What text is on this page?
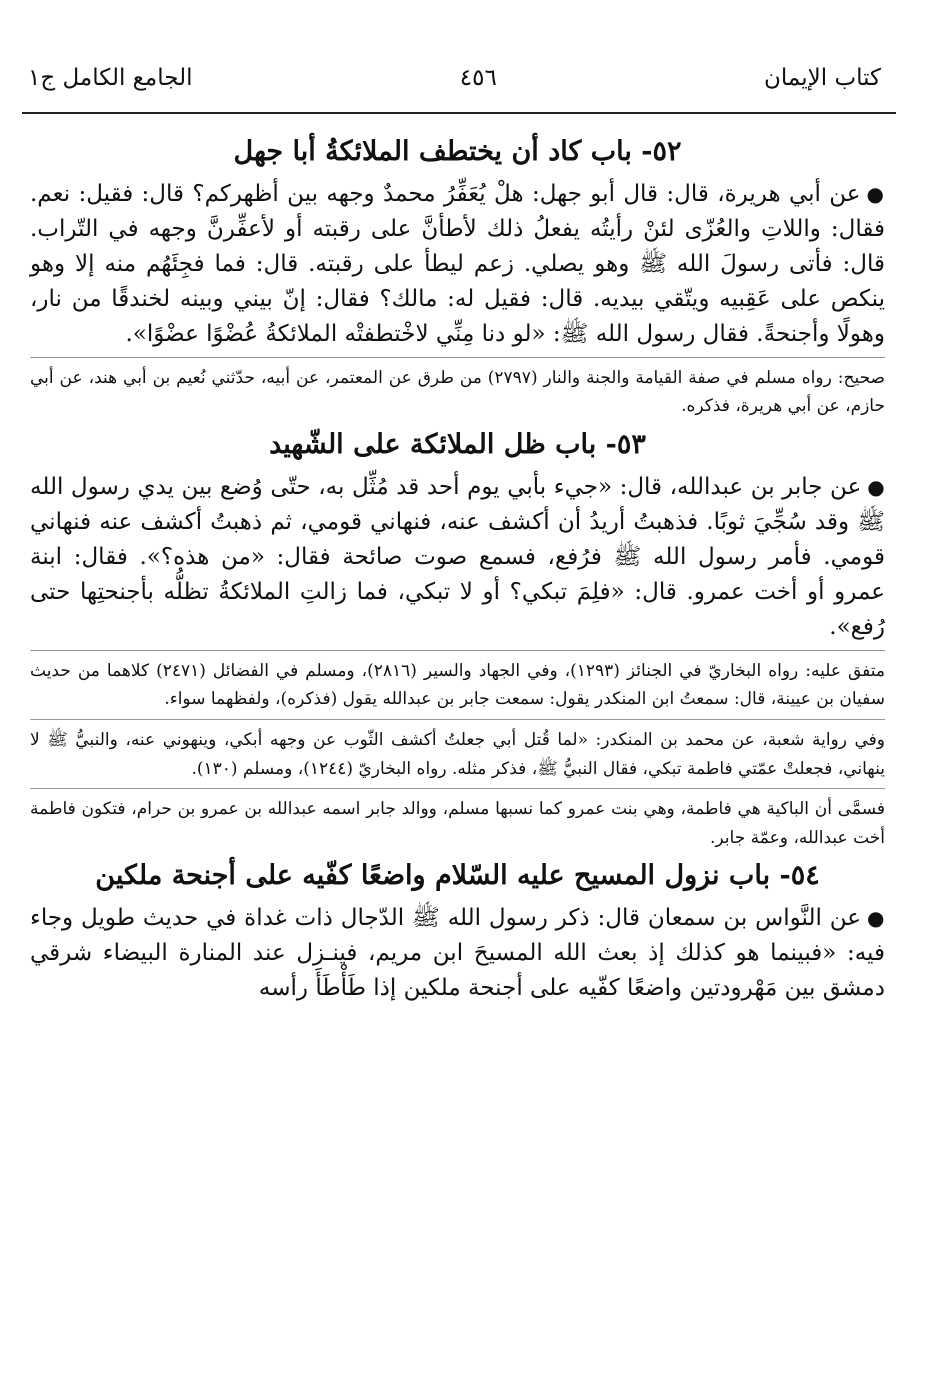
كتاب الإيمان
٤٥٦
الجامع الكامل ج١
٥٢- باب كاد أن يختطف الملائكةُ أبا جهل

●عن أبي هريرة، قال: قال أبو جهل: هلْ يُعَفِّرُ محمدٌ وجهه بين أظهركم؟ قال: فقيل: نعم. فقال: واللاتِ والعُزّى لئنْ رأيتُه يفعلُ ذلك لأطأنَّ على رقبته أو لأعفِّرنَّ وجهه في التّراب. قال: فأتى رسولَ الله ﷺ وهو يصلي. زعم ليطأ على رقبته. قال: فما فجِئَهُم منه إلا وهو ينكص على عَقِبيه ويتّقي بيديه. قال: فقيل له: مالك؟ فقال: إنّ بيني وبينه لخندقًا من نار، وهولًا وأجنحةً. فقال رسول الله ﷺ: «لو دنا مِنِّي لاخْتطفتْه الملائكةُ عُضْوًا عضْوًا».

صحيح: رواه مسلم في صفة القيامة والجنة والنار (٢٧٩٧) من طرق عن المعتمر، عن أبيه، حدّثني نُعيم بن أبي هند، عن أبي حازم، عن أبي هريرة، فذكره.

٥٣- باب ظل الملائكة على الشّهيد

●عن جابر بن عبدالله، قال: «جيء بأبي يوم أحد قد مُثِّل به، حتّى وُضع بين يدي رسول الله ﷺ وقد سُجِّيَ ثوبًا. فذهبتُ أريدُ أن أكشف عنه، فنهاني قومي، ثم ذهبتُ أكشف عنه فنهاني قومي. فأمر رسول الله ﷺ فرُفع، فسمع صوت صائحة فقال: «من هذه؟». فقال: ابنة عمرو أو أخت عمرو. قال: «فلِمَ تبكي؟ أو لا تبكي، فما زالتِ الملائكةُ تظلُّه بأجنحتِها حتى رُفع».

متفق عليه: رواه البخاريّ في الجنائز (١٢٩٣)، وفي الجهاد والسير (٢٨١٦)، ومسلم في الفضائل (٢٤٧١) كلاهما من حديث سفيان بن عيينة، قال: سمعتُ ابن المنكدر يقول: سمعت جابر بن عبدالله يقول (فذكره)، ولفظهما سواء.

وفي رواية شعبة، عن محمد بن المنكدر: «لما قُتل أبي جعلتُ أكشف الثّوب عن وجهه أبكي، وينهوني عنه، والنبيُّ ﷺ لا ينهاني، فجعلتْ عمّتي فاطمة تبكي، فقال النبيُّ ﷺ، فذكر مثله. رواه البخاريّ (١٢٤٤)، ومسلم (١٣٠).

فسمَّى أن الباكية هي فاطمة، وهي بنت عمرو كما نسبها مسلم، ووالد جابر اسمه عبدالله بن عمرو بن حرام، فتكون فاطمة أخت عبدالله، وعمّة جابر.

٥٤- باب نزول المسيح عليه السّلام واضعًا كفّيه على أجنحة ملكين

●عن النَّواس بن سمعان قال: ذكر رسول الله ﷺ الدّجال ذات غداة في حديث طويل وجاء فيه: «فبينما هو كذلك إذ بعث الله المسيحَ ابن مريم، فينـزل عند المنارة البيضاء شرقي دمشق بين مَهْرودتين واضعًا كفّيه على أجنحة ملكين إذا طَأْطَأَ رأسه
